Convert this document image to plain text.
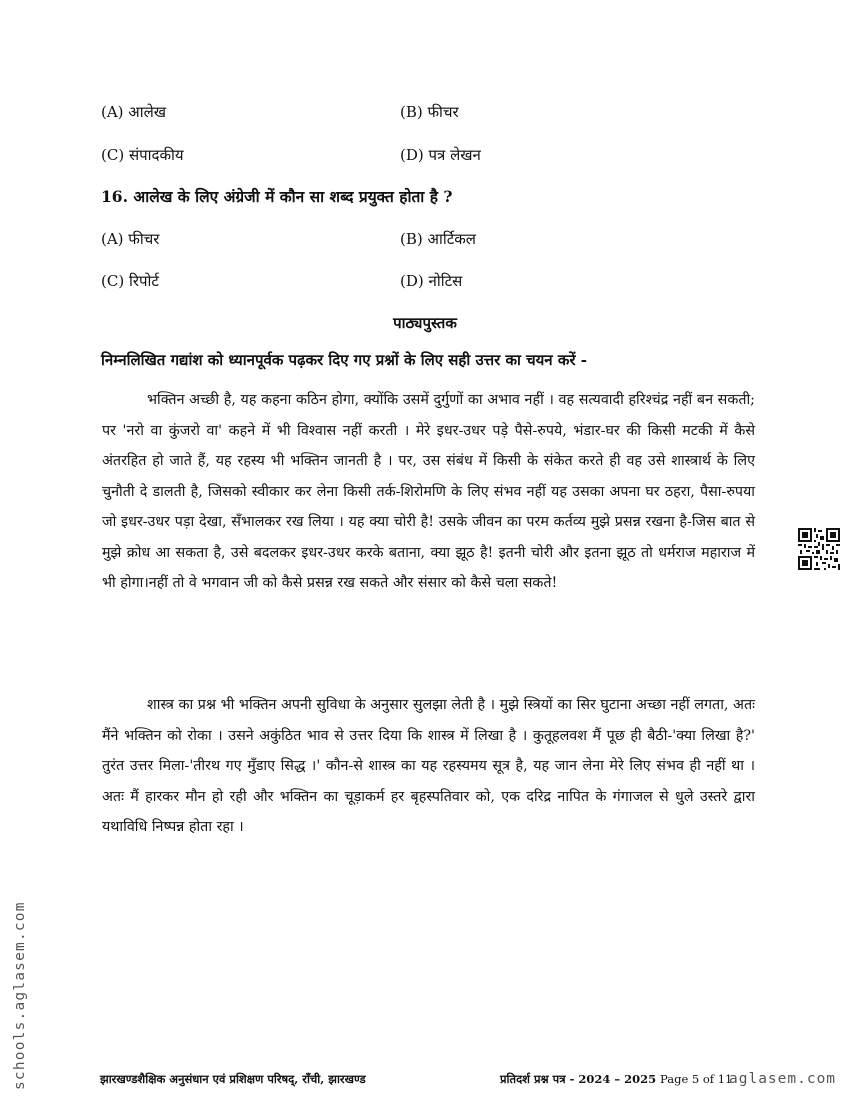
(A) आलेख	(B) फीचर
(C) संपादकीय	(D) पत्र लेखन
16. आलेख के लिए अंग्रेजी में कौन सा शब्द प्रयुक्त होता है ?
(A) फीचर	(B) आर्टिकल
(C) रिपोर्ट	(D) नोटिस
पाठ्यपुस्तक
निम्नलिखित गद्यांश को ध्यानपूर्वक पढ़कर दिए गए प्रश्नों के लिए सही उत्तर का चयन करें -

भक्तिन अच्छी है, यह कहना कठिन होगा, क्योंकि उसमें दुर्गुणों का अभाव नहीं । वह सत्यवादी हरिश्चंद्र नहीं बन सकती; पर 'नरो वा कुंजरो वा' कहने में भी विश्वास नहीं करती । मेरे इधर-उधर पड़े पैसे-रुपये, भंडार-घर की किसी मटकी में कैसे अंतरहित हो जाते हैं, यह रहस्य भी भक्तिन जानती है । पर, उस संबंध में किसी के संकेत करते ही वह उसे शास्त्रार्थ के लिए चुनौती दे डालती है, जिसको स्वीकार कर लेना किसी तर्क-शिरोमणि के लिए संभव नहीं यह उसका अपना घर ठहरा, पैसा-रुपया जो इधर-उधर पड़ा देखा, सँभालकर रख लिया । यह क्या चोरी है! उसके जीवन का परम कर्तव्य मुझे प्रसन्न रखना है-जिस बात से मुझे क्रोध आ सकता है, उसे बदलकर इधर-उधर करके बताना, क्या झूठ है! इतनी चोरी और इतना झूठ तो धर्मराज महाराज में भी होगा।नहीं तो वे भगवान जी को कैसे प्रसन्न रख सकते और संसार को कैसे चला सकते!

शास्त्र का प्रश्न भी भक्तिन अपनी सुविधा के अनुसार सुलझा लेती है । मुझे स्त्रियों का सिर घुटाना अच्छा नहीं लगता, अतः मैंने भक्तिन को रोका । उसने अकुंठित भाव से उत्तर दिया कि शास्त्र में लिखा है । कुतूहलवश मैं पूछ ही बैठी-'क्या लिखा है?' तुरंत उत्तर मिला-'तीरथ गए मुँडाए सिद्ध ।' कौन-से शास्त्र का यह रहस्यमय सूत्र है, यह जान लेना मेरे लिए संभव ही नहीं था । अतः मैं हारकर मौन हो रही और भक्तिन का चूड़ाकर्म हर बृहस्पतिवार को, एक दरिद्र नापित के गंगाजल से धुले उस्तरे द्वारा यथाविधि निष्पन्न होता रहा ।

schools.aglasem.com	झारखण्डशैक्षिक अनुसंधान एवं प्रशिक्षण परिषद्, राँची, झारखण्ड	प्रतिदर्श प्रश्न पत्र - 2024 – 2025 Page 5 of 11
aglasem.com
